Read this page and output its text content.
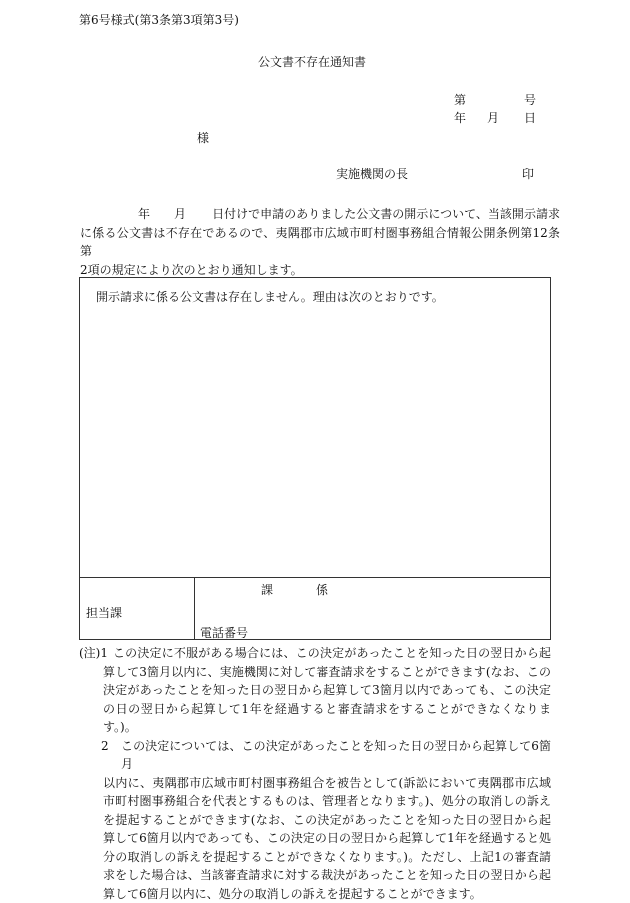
第6号様式(第3条第3項第3号)
公文書不存在通知書
第	号
年 月 日
様
実施機関の長	印
年 月 日付けで申請のありました公文書の開示について、当該開示請求
に係る公文書は不存在であるので、夷隅郡市広域市町村圏事務組合情報公開条例第12条第
2項の規定により次のとおり通知します。
開示請求に係る公文書は存在しません。理由は次のとおりです。
担当課
課	係
電話番号
(注)1 この決定に不服がある場合には、この決定があったことを知った日の翌日から起
算して3箇月以内に、実施機関に対して審査請求をすることができます(なお、この決定があったことを知った日の翌日から起算して3箇月以内であっても、この決定の日の翌日から起算して1年を経過すると審査請求をすることができなくなります。)。
2	この決定については、この決定があったことを知った日の翌日から起算して6箇月
以内に、夷隅郡市広域市町村圏事務組合を被告として(訴訟において夷隅郡市広域市町村圏事務組合を代表とするものは、管理者となります。)、処分の取消しの訴えを提起することができます(なお、この決定があったことを知った日の翌日から起算して6箇月以内であっても、この決定の日の翌日から起算して1年を経過すると処分の取消しの訴えを提起することができなくなります。)。ただし、上記1の審査請求をした場合は、当該審査請求に対する裁決があったことを知った日の翌日から起算して6箇月以内に、処分の取消しの訴えを提起することができます。
